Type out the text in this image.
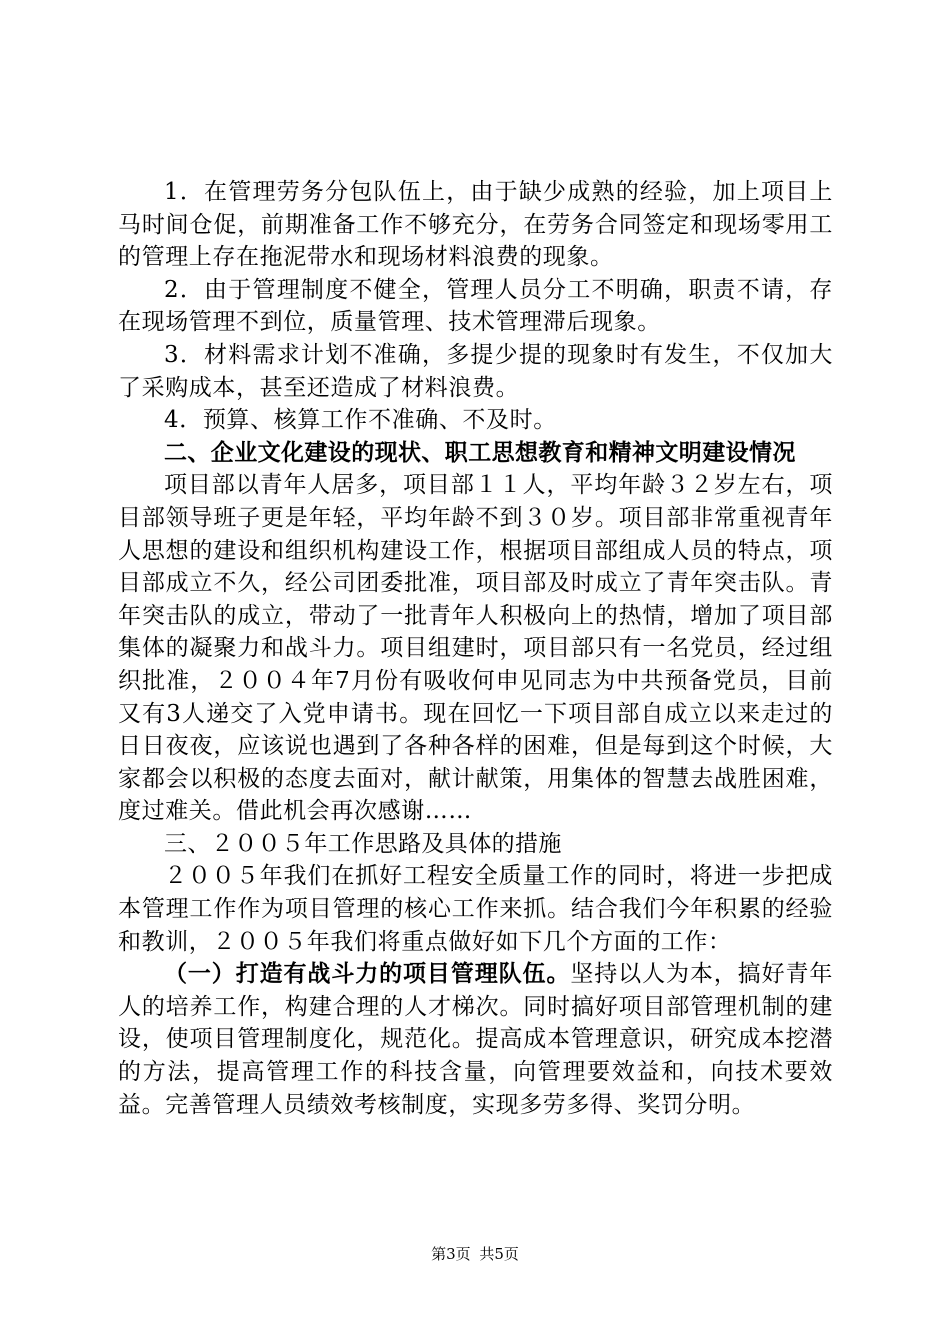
1．在管理劳务分包队伍上，由于缺少成熟的经验，加上项目上马时间仓促，前期准备工作不够充分，在劳务合同签定和现场零用工的管理上存在拖泥带水和现场材料浪费的现象。

2．由于管理制度不健全，管理人员分工不明确，职责不请，存在现场管理不到位，质量管理、技术管理滞后现象。

3．材料需求计划不准确，多提少提的现象时有发生，不仅加大了采购成本，甚至还造成了材料浪费。

4．预算、核算工作不准确、不及时。

二、企业文化建设的现状、职工思想教育和精神文明建设情况

项目部以青年人居多，项目部１１人，平均年龄３２岁左右，项目部领导班子更是年轻，平均年龄不到３０岁。项目部非常重视青年人思想的建设和组织机构建设工作，根据项目部组成人员的特点，项目部成立不久，经公司团委批准，项目部及时成立了青年突击队。青年突击队的成立，带动了一批青年人积极向上的热情，增加了项目部集体的凝聚力和战斗力。项目组建时，项目部只有一名党员，经过组织批准，２００４年7月份有吸收何申见同志为中共预备党员，目前又有3人递交了入党申请书。现在回忆一下项目部自成立以来走过的日日夜夜，应该说也遇到了各种各样的困难，但是每到这个时候，大家都会以积极的态度去面对，献计献策，用集体的智慧去战胜困难，度过难关。借此机会再次感谢……

三、２００５年工作思路及具体的措施

２００５年我们在抓好工程安全质量工作的同时，将进一步把成本管理工作作为项目管理的核心工作来抓。结合我们今年积累的经验和教训，２００５年我们将重点做好如下几个方面的工作：

（一）打造有战斗力的项目管理队伍。坚持以人为本，搞好青年人的培养工作，构建合理的人才梯次。同时搞好项目部管理机制的建设，使项目管理制度化，规范化。提高成本管理意识，研究成本挖潜的方法，提高管理工作的科技含量，向管理要效益和，向技术要效益。完善管理人员绩效考核制度，实现多劳多得、奖罚分明。

第3页 共5页
